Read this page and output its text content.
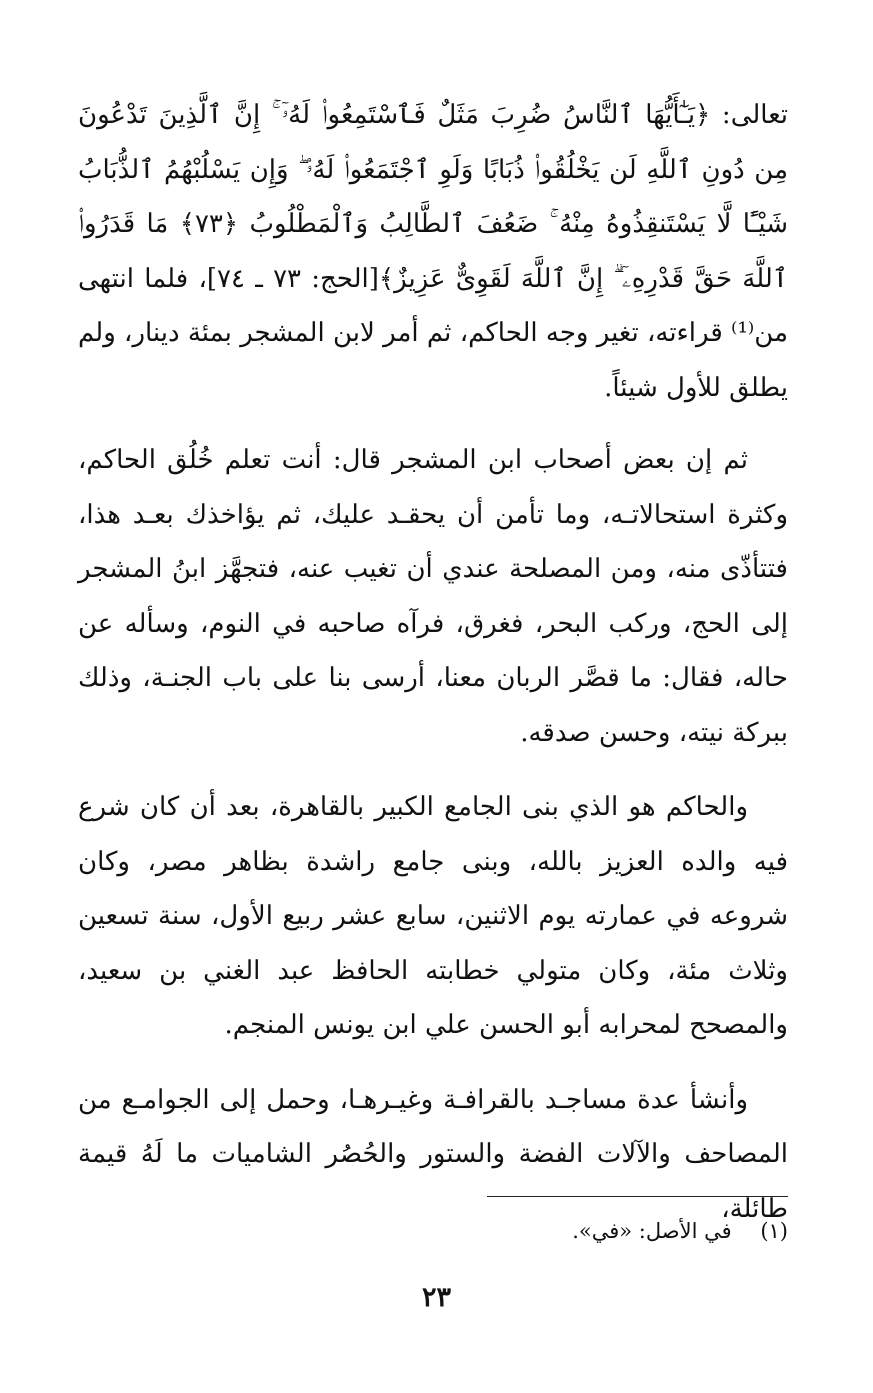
تعالى: ﴿يَـٰٓأَيُّهَا ٱلنَّاسُ ضُرِبَ مَثَلٌ فَٱسْتَمِعُوا۟ لَهُۥٓ ۚ إِنَّ ٱلَّذِينَ تَدْعُونَ مِن دُونِ ٱللَّهِ لَن يَخْلُقُوا۟ ذُبَابًا وَلَوِ ٱجْتَمَعُوا۟ لَهُۥ ۖ وَإِن يَسْلُبْهُمُ ٱلذُّبَابُ شَيْـًٔا لَّا يَسْتَنقِذُوهُ مِنْهُ ۚ ضَعُفَ ٱلطَّالِبُ وَٱلْمَطْلُوبُ ﴿٧٣﴾ مَا قَدَرُوا۟ ٱللَّهَ حَقَّ قَدْرِهِۦٓ ۗ إِنَّ ٱللَّهَ لَقَوِىٌّ عَزِيزٌ﴾[الحج: ٧٣ ـ ٧٤]، فلما انتهى من⁽¹⁾ قراءته، تغير وجه الحاكم، ثم أمر لابن المشجر بمئة دينار، ولم يطلق للأول شيئاً.

ثم إن بعض أصحاب ابن المشجر قال: أنت تعلم خُلُق الحاكم، وكثرة استحالاتـه، وما تأمن أن يحقـد عليك، ثم يؤاخذك بعـد هذا، فتتأذّى منه، ومن المصلحة عندي أن تغيب عنه، فتجهَّز ابنُ المشجر إلى الحج، وركب البحر، فغرق، فرآه صاحبه في النوم، وسأله عن حاله، فقال: ما قصَّر الربان معنا، أرسى بنا على باب الجنـة، وذلك ببركة نيته، وحسن صدقه.

والحاكم هو الذي بنى الجامع الكبير بالقاهرة، بعد أن كان شرع فيه والده العزيز بالله، وبنى جامع راشدة بظاهر مصر، وكان شروعه في عمارته يوم الاثنين، سابع عشر ربيع الأول، سنة تسعين وثلاث مئة، وكان متولي خطابته الحافظ عبد الغني بن سعيد، والمصحح لمحرابه أبو الحسن علي ابن يونس المنجم.

وأنشأ عدة مساجـد بالقرافـة وغيـرهـا، وحمل إلى الجوامـع من المصاحف والآلات الفضة والستور والحُصُر الشاميات ما لَهُ قيمة طائلة،

(١) في الأصل: «في».
٢٣
